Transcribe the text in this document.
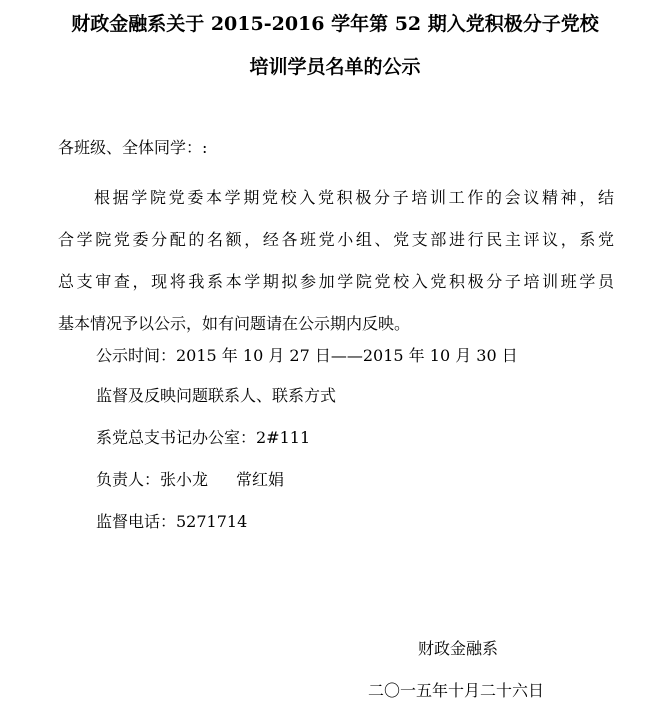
财政金融系关于 2015-2016 学年第 52 期入党积极分子党校
培训学员名单的公示
各班级、全体同学：:
根据学院党委本学期党校入党积极分子培训工作的会议精神，结
合学院党委分配的名额，经各班党小组、党支部进行民主评议，系党
总支审查，现将我系本学期拟参加学院党校入党积极分子培训班学员
基本情况予以公示，如有问题请在公示期内反映。
公示时间：2015 年 10 月 27 日——2015 年 10 月 30 日
监督及反映问题联系人、联系方式
系党总支书记办公室：2#111
负责人：张小龙 常红娟
监督电话：5271714
财政金融系
二〇一五年十月二十六日
